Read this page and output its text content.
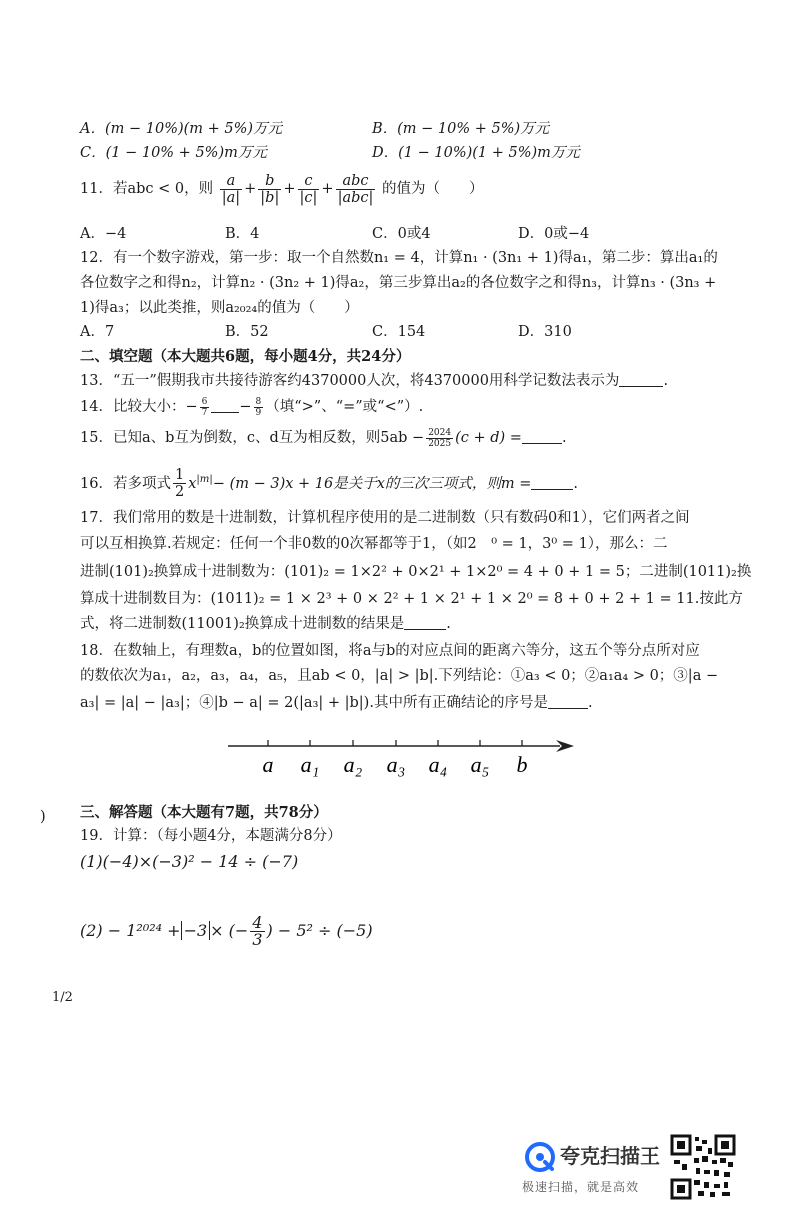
A．(m − 10%)(m + 5%)万元	B．(m − 10% + 5%)万元
C．(1 − 10% + 5%)m万元	D．(1 − 10%)(1 + 5%)m万元
11．若abc < 0，则 $\frac{a}{|a|} + \frac{b}{|b|} + \frac{c}{|c|} + \frac{\text{abc}}{\text{|abc|}}$ 的值为（　　）
A．−4	B．4	C．0或4	D．0或−4
12．有一个数字游戏，第一步：取一个自然数n₁ = 4，计算n₁ · (3n₁ + 1)得a₁，第二步：算出a₁的
各位数字之和得n₂，计算n₂ · (3n₂ + 1)得a₂，第三步算出a₂的各位数字之和得n₃，计算n₃ · (3n₃ +
1)得a₃；以此类推，则a₂₀₂₄的值为（　　）
A．7	B．52	C．154	D．310
二、填空题（本大题共6题，每小题4分，共24分）
13．“五一”假期我市共接待游客约4370000人次，将4370000用科学记数法表示为	.
14．比较大小：− $\frac{6}{7} - \frac{8}{9}$ （填“>”、“=”或“<”）.
15．已知a、b互为倒数，c、d互为相反数，则$5ab - \frac{2024}{2025} (c + d)$ =	.
16．若多项式 $\frac{1}{2} x^{|m|}- (m - 3)x + 16$是关于x的三次三项式，则m =	.
17．我们常用的数是十进制数，计算机程序使用的是二进制数（只有数码0和1），它们两者之间
可以互相换算.若规定：任何一个非0数的0次幂都等于1，（如2　⁰ = 1，3⁰ = 1），那么：二
进制(101)₂换算成十进制数为：(101)₂ = 1×2² + 0×2¹ + 1×2⁰ = 4 + 0 + 1 = 5；二进制(1011)₂换
算成十进制数目为：(1011)₂ = 1 × 2³ + 0 × 2² + 1 × 2¹ + 1 × 2⁰ = 8 + 0 + 2 + 1 = 11.按此方
式，将二进制数(11001)₂换算成十进制数的结果是	.
18．在数轴上，有理数a，b的位置如图，将a与b的对应点间的距离六等分，这五个等分点所对应
的数依次为a₁，a₂，a₃，a₄，a₅，且ab < 0，|a| > |b|.下列结论：①a₃ < 0；②a₁a₄ > 0；③|a −
a₃| = |a| − |a₃|；④|b − a| = 2(|a₃| + |b|).其中所有正确结论的序号是	.
a a₁ a₂ a₃ a₄ a₅ b
) 三、解答题（本大题有7题，共78分）
19．计算：（每小题4分，本题满分8分）
(1)(−4)×(−3)² − 14 ÷ (−7)
(2) − 1²⁰²⁴ + −3 × (− $\frac{4}{3}$ ) − 5² ÷ (−5)
1/2
夸克扫描王
极速扫描，就是高效
